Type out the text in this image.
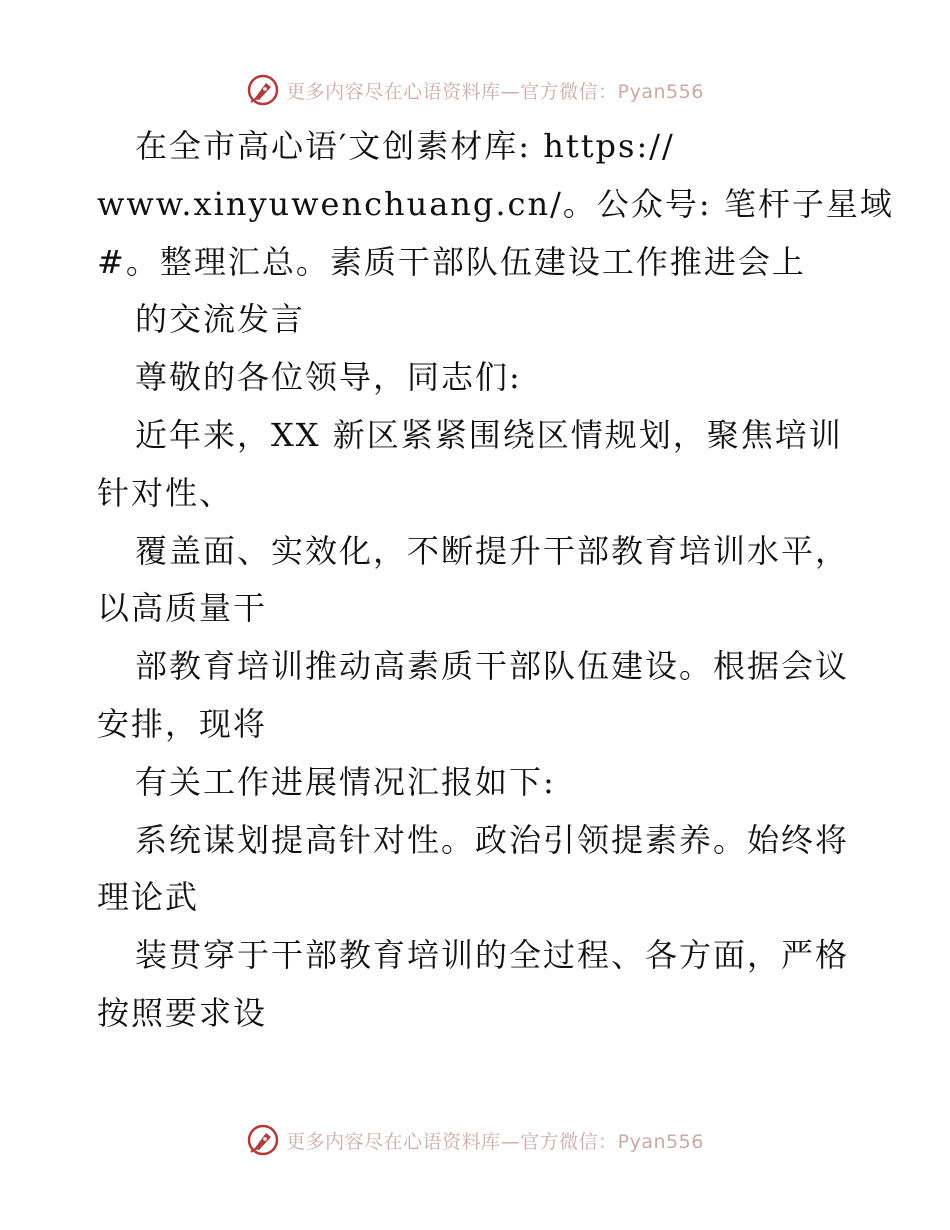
更多内容尽在心语资料库—官方微信：Pyan556
在全市高心语′文创素材库: https://
www.xinyuwenchuang.cn/。公众号: 笔杆子星域
#。整理汇总。素质干部队伍建设工作推进会上
的交流发言
尊敬的各位领导，同志们:
近年来，XX 新区紧紧围绕区情规划，聚焦培训
针对性、
覆盖面、实效化，不断提升干部教育培训水平，
以高质量干
部教育培训推动高素质干部队伍建设。根据会议
安排，现将
有关工作进展情况汇报如下:
系统谋划提高针对性。政治引领提素养。始终将
理论武
装贯穿于干部教育培训的全过程、各方面，严格
按照要求设
更多内容尽在心语资料库—官方微信：Pyan556
